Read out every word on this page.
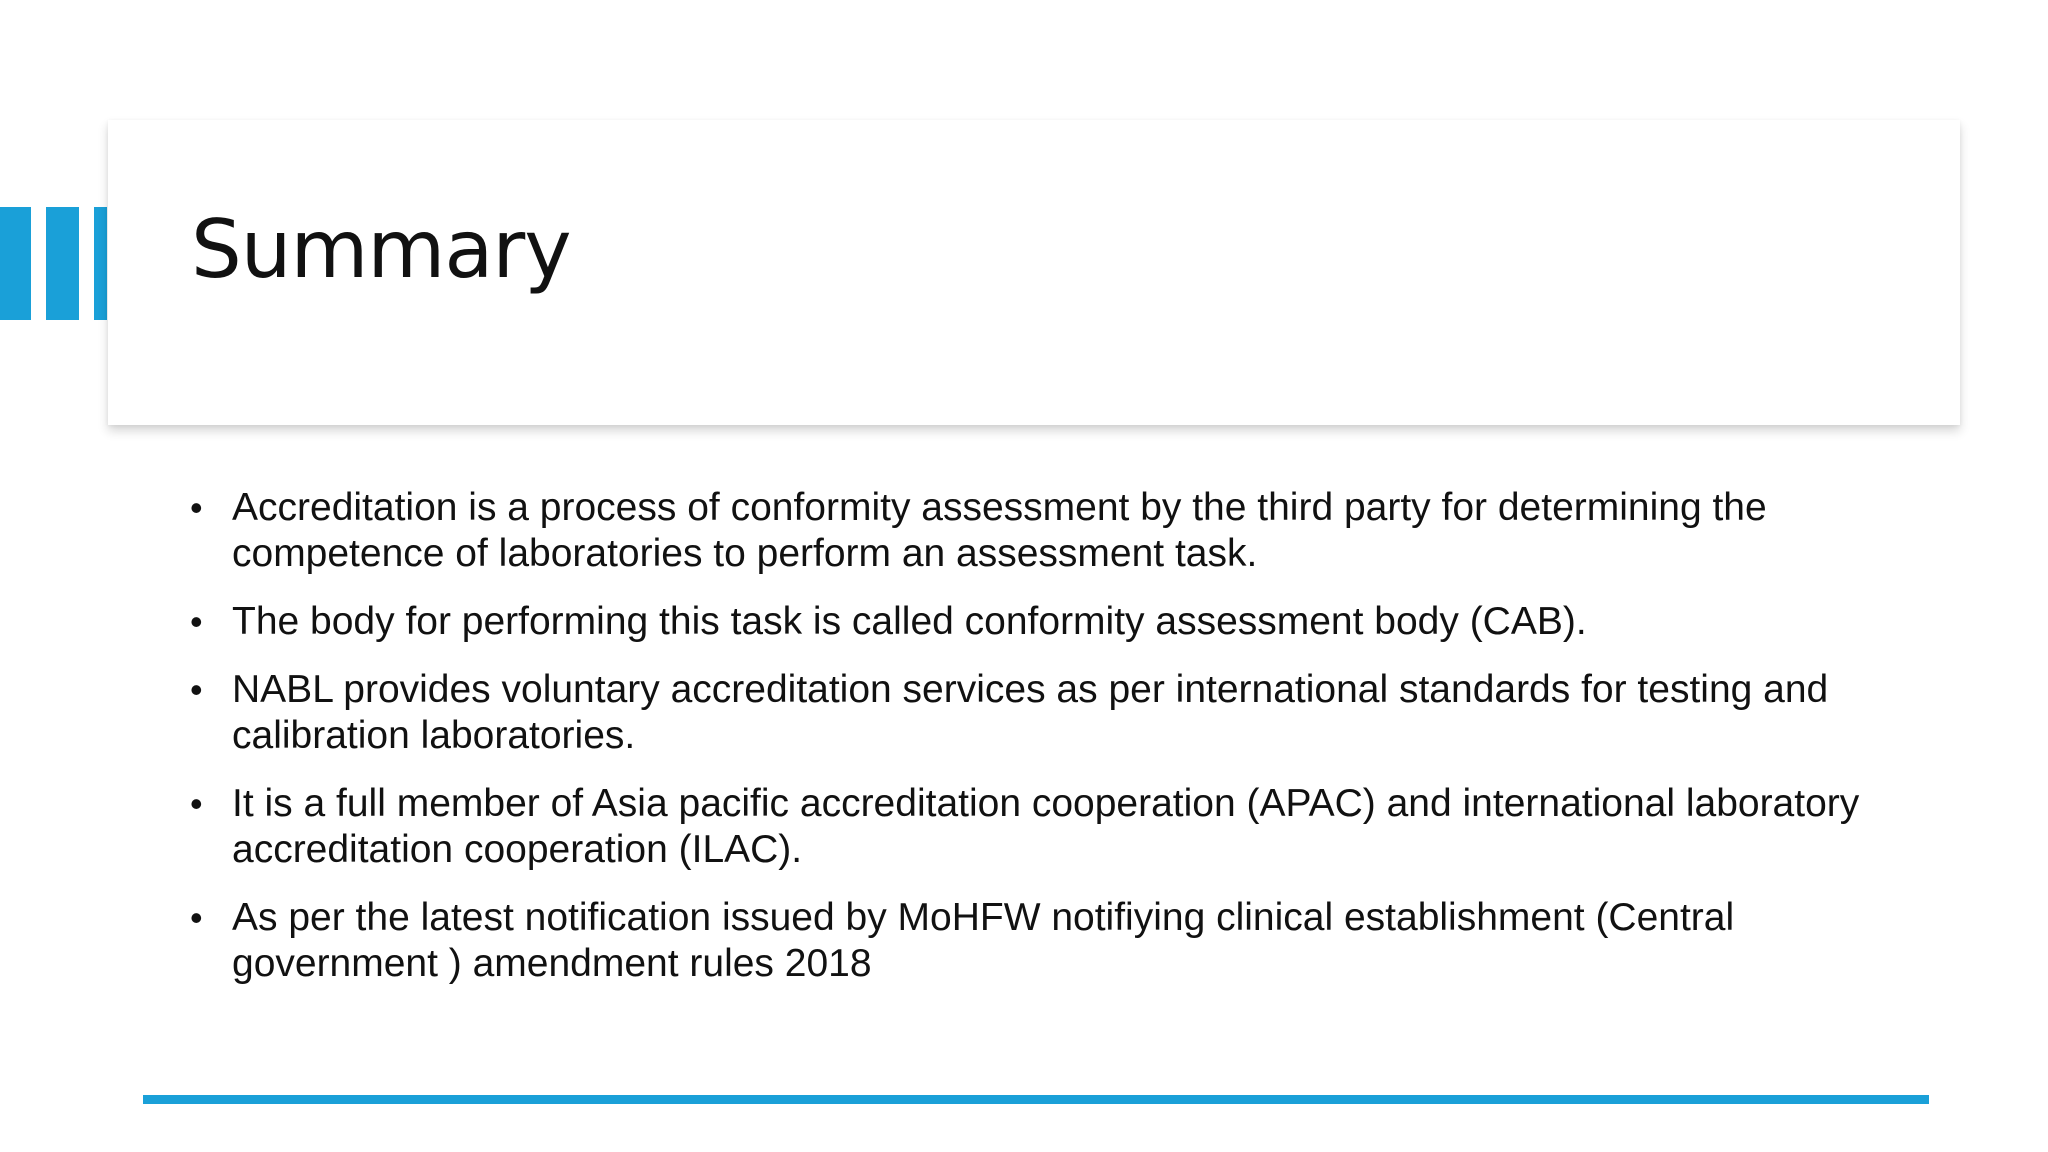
Summary
• Accreditation is a process of conformity assessment by the third party for determining the competence of laboratories to perform an assessment task.
• The body for performing this task is called conformity assessment body (CAB).
• NABL provides voluntary accreditation services as per international standards for testing and calibration laboratories.
• It is a full member of Asia pacific accreditation cooperation (APAC) and international laboratory accreditation cooperation (ILAC).
• As per the latest notification issued by MoHFW notifiying clinical establishment (Central government ) amendment rules 2018
